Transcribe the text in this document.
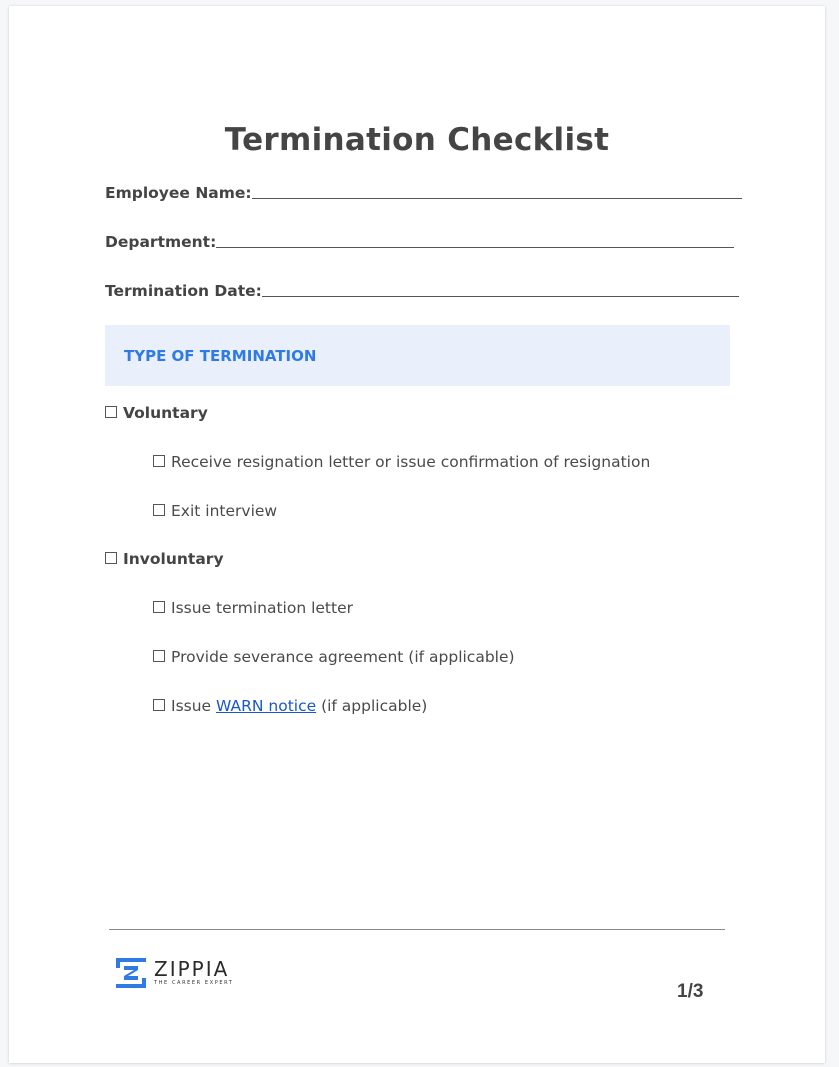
Termination Checklist
Employee Name:
Department:
Termination Date:
TYPE OF TERMINATION
Voluntary
Receive resignation letter or issue confirmation of resignation
Exit interview
Involuntary
Issue termination letter
Provide severance agreement (if applicable)
Issue WARN notice (if applicable)
ZIPPIA
THE CAREER EXPERT	1/3
